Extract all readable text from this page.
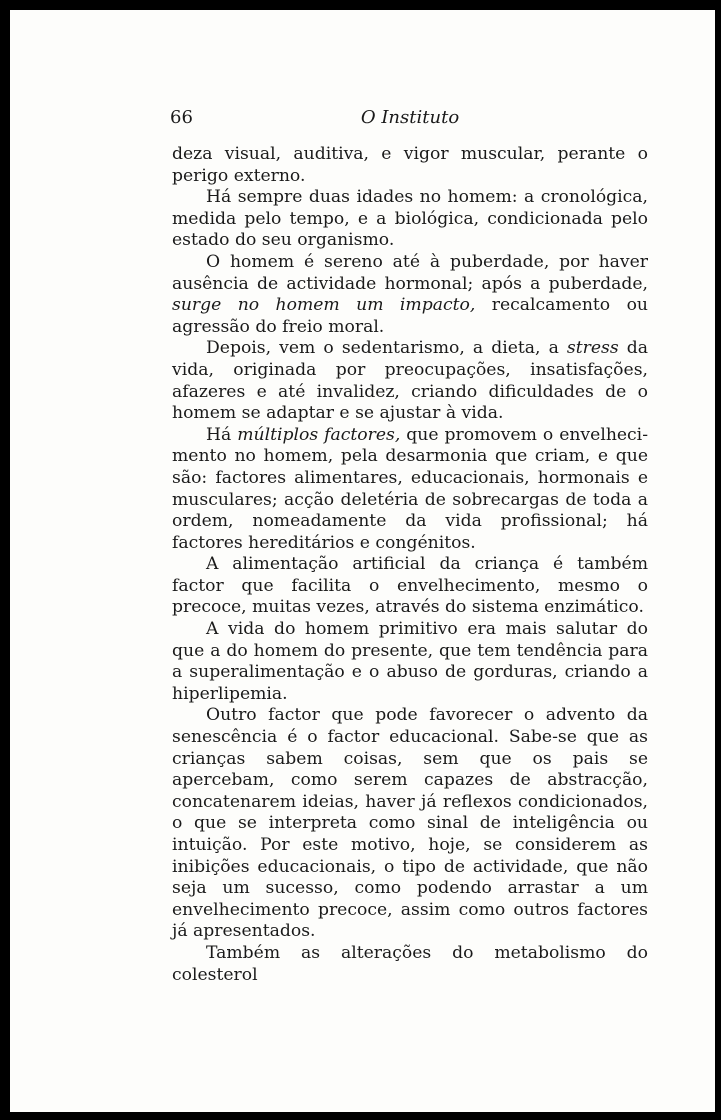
66	O Instituto

deza visual, auditiva, e vigor muscular, perante o perigo externo.

Há sempre duas idades no homem: a cronológica, medida pelo tempo, e a biológica, condicionada pelo estado do seu organismo.

O homem é sereno até à puberdade, por haver ausência de actividade hormonal; após a puberdade, surge no homem um impacto, recalcamento ou agressão do freio moral.

Depois, vem o sedentarismo, a dieta, a stress da vida, originada por preocupações, insatisfações, afazeres e até invalidez, criando dificuldades de o homem se adaptar e se ajustar à vida.

Há múltiplos factores, que promovem o envelhecimento no homem, pela desarmonia que criam, e que são: factores alimentares, educacionais, hormonais e musculares; acção deletéria de sobrecargas de toda a ordem, nomeadamente da vida profissional; há factores hereditários e congénitos.

A alimentação artificial da criança é também factor que facilita o envelhecimento, mesmo o precoce, muitas vezes, através do sistema enzimático.

A vida do homem primitivo era mais salutar do que a do homem do presente, que tem tendência para a superalimentação e o abuso de gorduras, criando a hiperlipemia.

Outro factor que pode favorecer o advento da senescência é o factor educacional. Sabe-se que as crianças sabem coisas, sem que os pais se apercebam, como serem capazes de abstracção, concatenarem ideias, haver já reflexos condicionados, o que se interpreta como sinal de inteligência ou intuição. Por este motivo, hoje, se considerem as inibições educacionais, o tipo de actividade, que não seja um sucesso, como podendo arrastar a um envelhecimento precoce, assim como outros factores já apresentados.

Também as alterações do metabolismo do colesterol
